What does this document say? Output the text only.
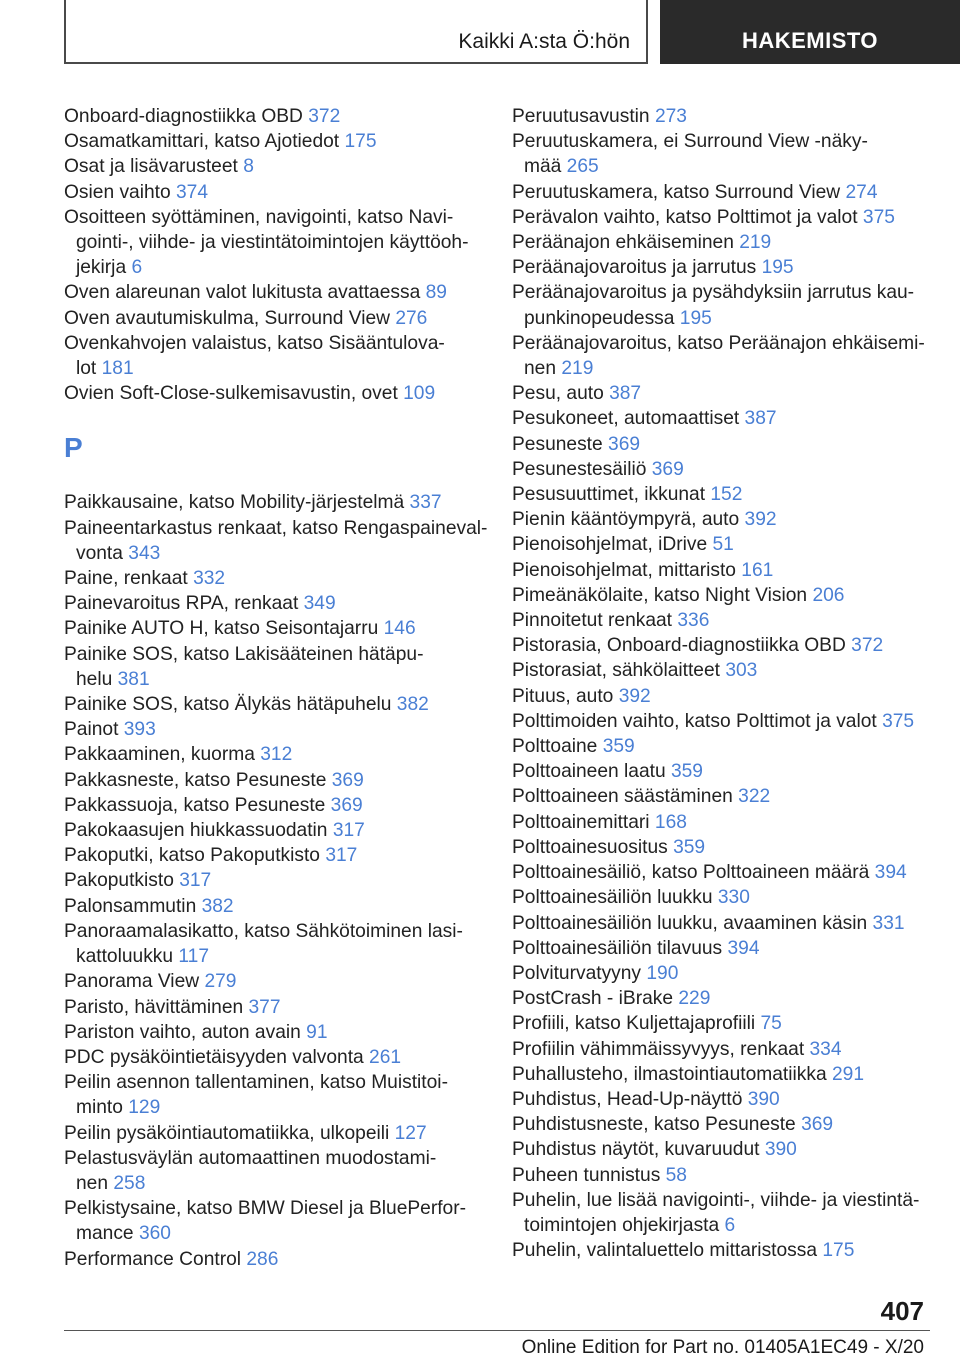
Kaikki A:sta Ö:hön	HAKEMISTO
Onboard-diagnostiikka OBD 372
Osamatkamittari, katso Ajotiedot 175
Osat ja lisävarusteet 8
Osien vaihto 374
Osoitteen syöttäminen, navigointi, katso Navi-
gointi-, viihde- ja viestintätoimintojen käyttöoh-
jekirja 6
Oven alareunan valot lukitusta avattaessa 89
Oven avautumiskulma, Surround View 276
Ovenkahvojen valaistus, katso Sisääntulova-
lot 181
Ovien Soft-Close-sulkemisavustin, ovet 109
P
Paikkausaine, katso Mobility-järjestelmä 337
Paineentarkastus renkaat, katso Rengaspaineval-
vonta 343
Paine, renkaat 332
Painevaroitus RPA, renkaat 349
Painike AUTO H, katso Seisontajarru 146
Painike SOS, katso Lakisääteinen hätäpu-
helu 381
Painike SOS, katso Älykäs hätäpuhelu 382
Painot 393
Pakkaaminen, kuorma 312
Pakkasneste, katso Pesuneste 369
Pakkassuoja, katso Pesuneste 369
Pakokaasujen hiukkassuodatin 317
Pakoputki, katso Pakoputkisto 317
Pakoputkisto 317
Palonsammutin 382
Panoraamalasikatto, katso Sähkötoiminen lasi-
kattoluukku 117
Panorama View 279
Paristo, hävittäminen 377
Pariston vaihto, auton avain 91
PDC pysäköintietäisyyden valvonta 261
Peilin asennon tallentaminen, katso Muistitoi-
minto 129
Peilin pysäköintiautomatiikka, ulkopeili 127
Pelastusväylän automaattinen muodostami-
nen 258
Pelkistysaine, katso BMW Diesel ja BluePerfor-
mance 360
Performance Control 286
Peruutusavustin 273
Peruutuskamera, ei Surround View -näky-
mää 265
Peruutuskamera, katso Surround View 274
Perävalon vaihto, katso Polttimot ja valot 375
Peräänajon ehkäiseminen 219
Peräänajovaroitus ja jarrutus 195
Peräänajovaroitus ja pysähdyksiin jarrutus kau-
punkinopeudessa 195
Peräänajovaroitus, katso Peräänajon ehkäisemi-
nen 219
Pesu, auto 387
Pesukoneet, automaattiset 387
Pesuneste 369
Pesunestesäiliö 369
Pesusuuttimet, ikkunat 152
Pienin kääntöympyrä, auto 392
Pienoisohjelmat, iDrive 51
Pienoisohjelmat, mittaristo 161
Pimeänäkölaite, katso Night Vision 206
Pinnoitetut renkaat 336
Pistorasia, Onboard-diagnostiikka OBD 372
Pistorasiat, sähkölaitteet 303
Pituus, auto 392
Polttimoiden vaihto, katso Polttimot ja valot 375
Polttoaine 359
Polttoaineen laatu 359
Polttoaineen säästäminen 322
Polttoainemittari 168
Polttoainesuositus 359
Polttoainesäiliö, katso Polttoaineen määrä 394
Polttoainesäiliön luukku 330
Polttoainesäiliön luukku, avaaminen käsin 331
Polttoainesäiliön tilavuus 394
Polviturvatyyny 190
PostCrash - iBrake 229
Profiili, katso Kuljettajaprofiili 75
Profiilin vähimmäissyvyys, renkaat 334
Puhallusteho, ilmastointiautomatiikka 291
Puhdistus, Head-Up-näyttö 390
Puhdistusneste, katso Pesuneste 369
Puhdistus näytöt, kuvaruudut 390
Puheen tunnistus 58
Puhelin, lue lisää navigointi-, viihde- ja viestintä-
toimintojen ohjekirjasta 6
Puhelin, valintaluettelo mittaristossa 175
407
Online Edition for Part no. 01405A1EC49 - X/20
